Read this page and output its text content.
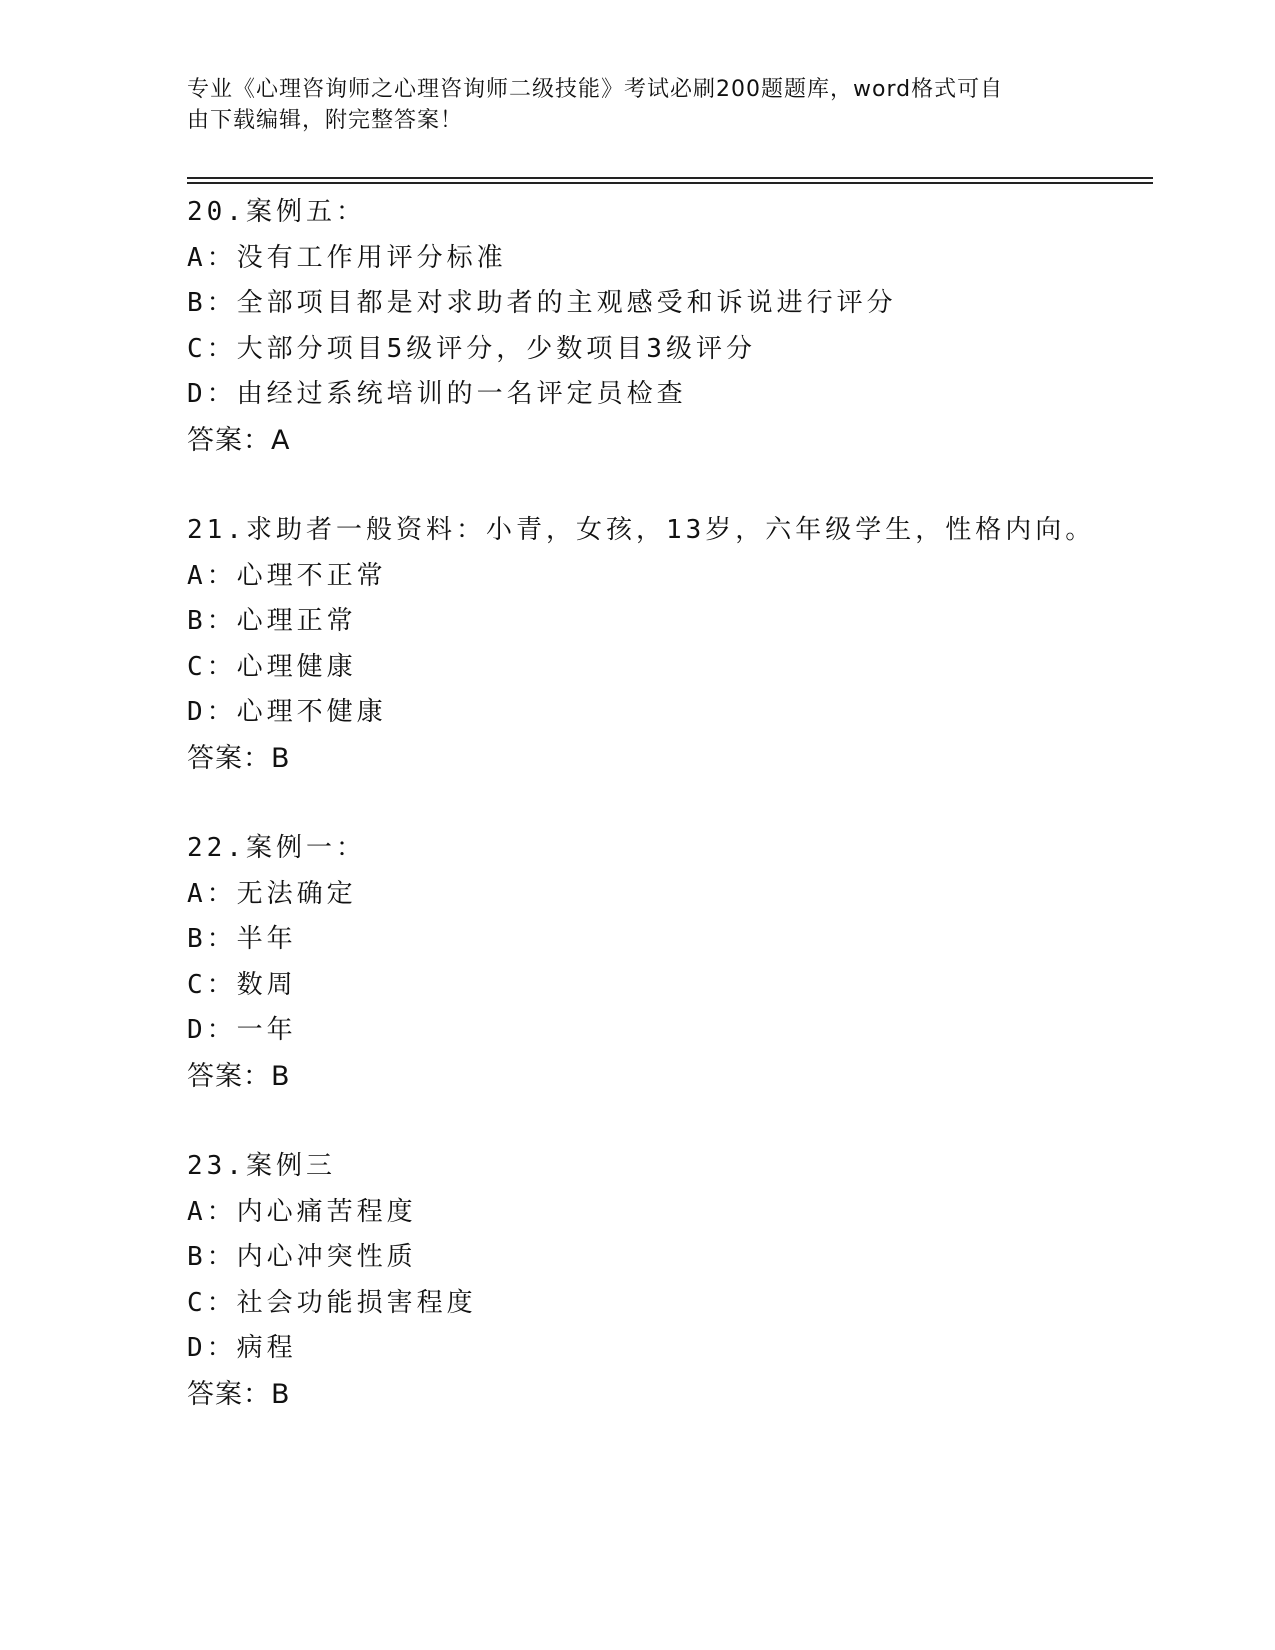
专业《心理咨询师之心理咨询师二级技能》考试必刷200题题库，word格式可自
由下载编辑，附完整答案！
20.案例五：
A：没有工作用评分标准
B：全部项目都是对求助者的主观感受和诉说进行评分
C：大部分项目5级评分，少数项目3级评分
D：由经过系统培训的一名评定员检查
答案：A
21.求助者一般资料：小青，女孩，13岁，六年级学生，性格内向。
A：心理不正常
B：心理正常
C：心理健康
D：心理不健康
答案：B
22.案例一：
A：无法确定
B：半年
C：数周
D：一年
答案：B
23.案例三
A：内心痛苦程度
B：内心冲突性质
C：社会功能损害程度
D：病程
答案：B
